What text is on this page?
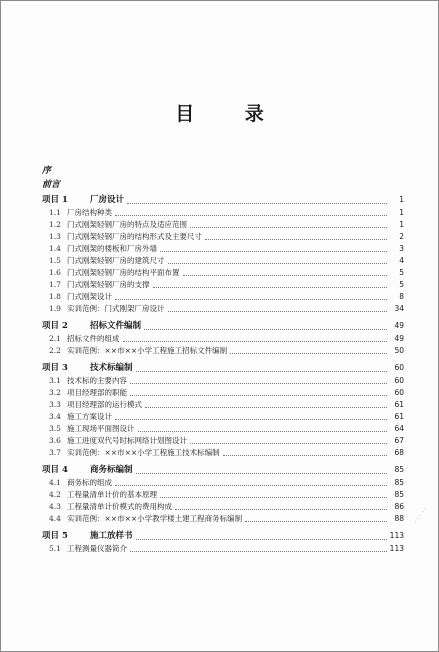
目 录
序
前言
项目 1	厂房设计	1
1.1 厂房结构种类	1
1.2 门式刚架轻钢厂房的特点及适应范围	1
1.3 门式刚架轻钢厂房的结构形式及主要尺寸	2
1.4 门式刚架的楼板和厂房外墙	3
1.5 门式刚架轻钢厂房的建筑尺寸	4
1.6 门式刚架轻钢厂房的结构平面布置	5
1.7 门式刚架轻钢厂房的支撑	5
1.8 门式刚架设计	8
1.9 实训范例：门式刚架厂房设计	34
项目 2	招标文件编制	49
2.1 招标文件的组成	49
2.2 实训范例：××市××小学工程施工招标文件编制	50
项目 3	技术标编制	60
3.1 技术标的主要内容	60
3.2 项目经理部的职能	60
3.3 项目经理部的运行模式	61
3.4 施工方案设计	61
3.5 施工现场平面图设计	64
3.6 施工进度双代号时标网络计划图设计	67
3.7 实训范例：××市××小学工程施工技术标编制	68
项目 4	商务标编制	85
4.1 商务标的组成	85
4.2 工程量清单计价的基本原理	85
4.3 工程量清单计价模式的费用构成	86
4.4 实训范例：××市××小学教学楼土建工程商务标编制	88
项目 5	施工放样书	113
5.1 工程测量仪器简介	113
·····
